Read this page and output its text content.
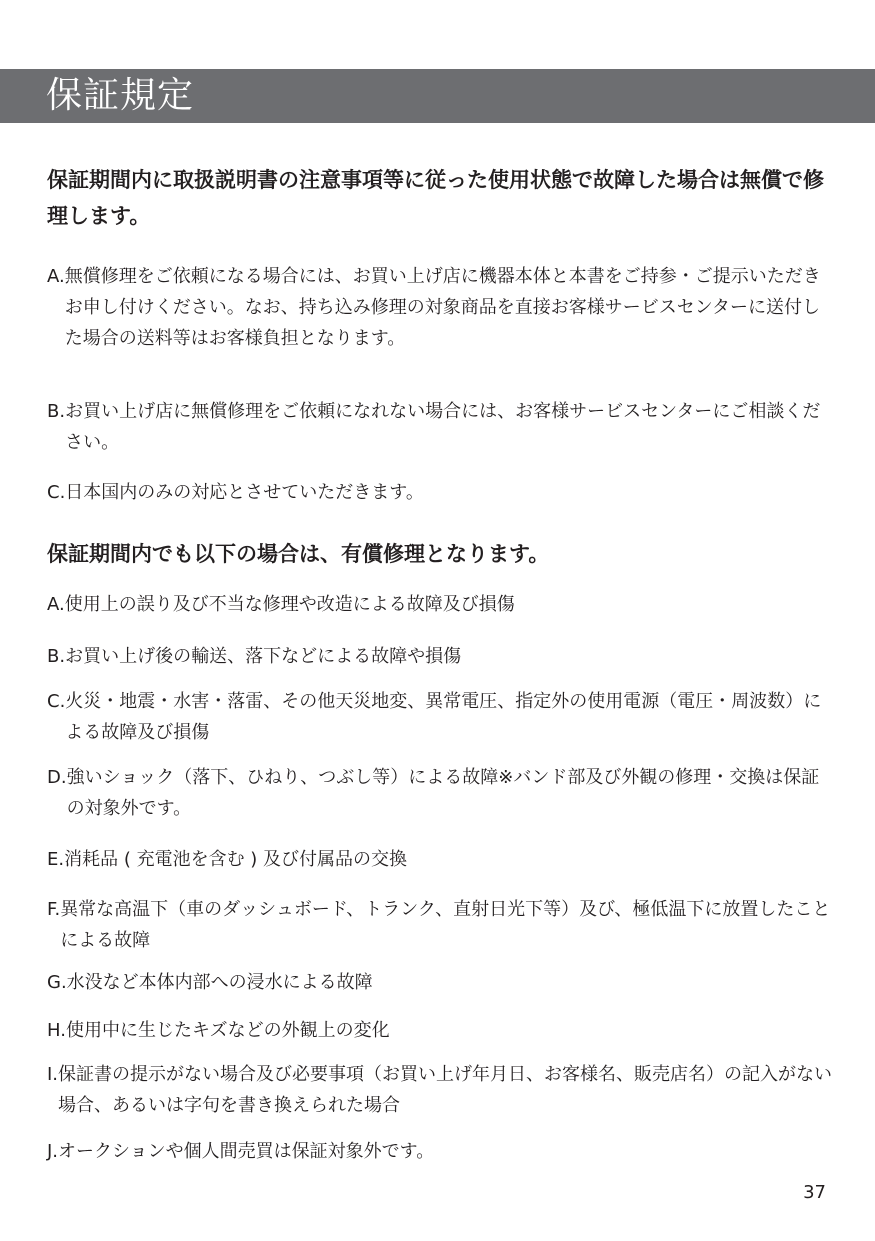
保証規定

保証期間内に取扱説明書の注意事項等に従った使用状態で故障した場合は無償で修理します。

A. 無償修理をご依頼になる場合には、お買い上げ店に機器本体と本書をご持参・ご提示いただきお申し付けください。なお、持ち込み修理の対象商品を直接お客様サービスセンターに送付した場合の送料等はお客様負担となります。
B. お買い上げ店に無償修理をご依頼になれない場合には、お客様サービスセンターにご相談ください。
C. 日本国内のみの対応とさせていただきます。

保証期間内でも以下の場合は、有償修理となります。

A. 使用上の誤り及び不当な修理や改造による故障及び損傷
B. お買い上げ後の輸送、落下などによる故障や損傷
C. 火災・地震・水害・落雷、その他天災地変、異常電圧、指定外の使用電源（電圧・周波数）による故障及び損傷
D. 強いショック（落下、ひねり、つぶし等）による故障※バンド部及び外観の修理・交換は保証の対象外です。
E. 消耗品 ( 充電池を含む ) 及び付属品の交換
F. 異常な高温下（車のダッシュボード、トランク、直射日光下等）及び、極低温下に放置したことによる故障
G. 水没など本体内部への浸水による故障
H. 使用中に生じたキズなどの外観上の変化
I. 保証書の提示がない場合及び必要事項（お買い上げ年月日、お客様名、販売店名）の記入がない場合、あるいは字句を書き換えられた場合
J. オークションや個人間売買は保証対象外です。
37
